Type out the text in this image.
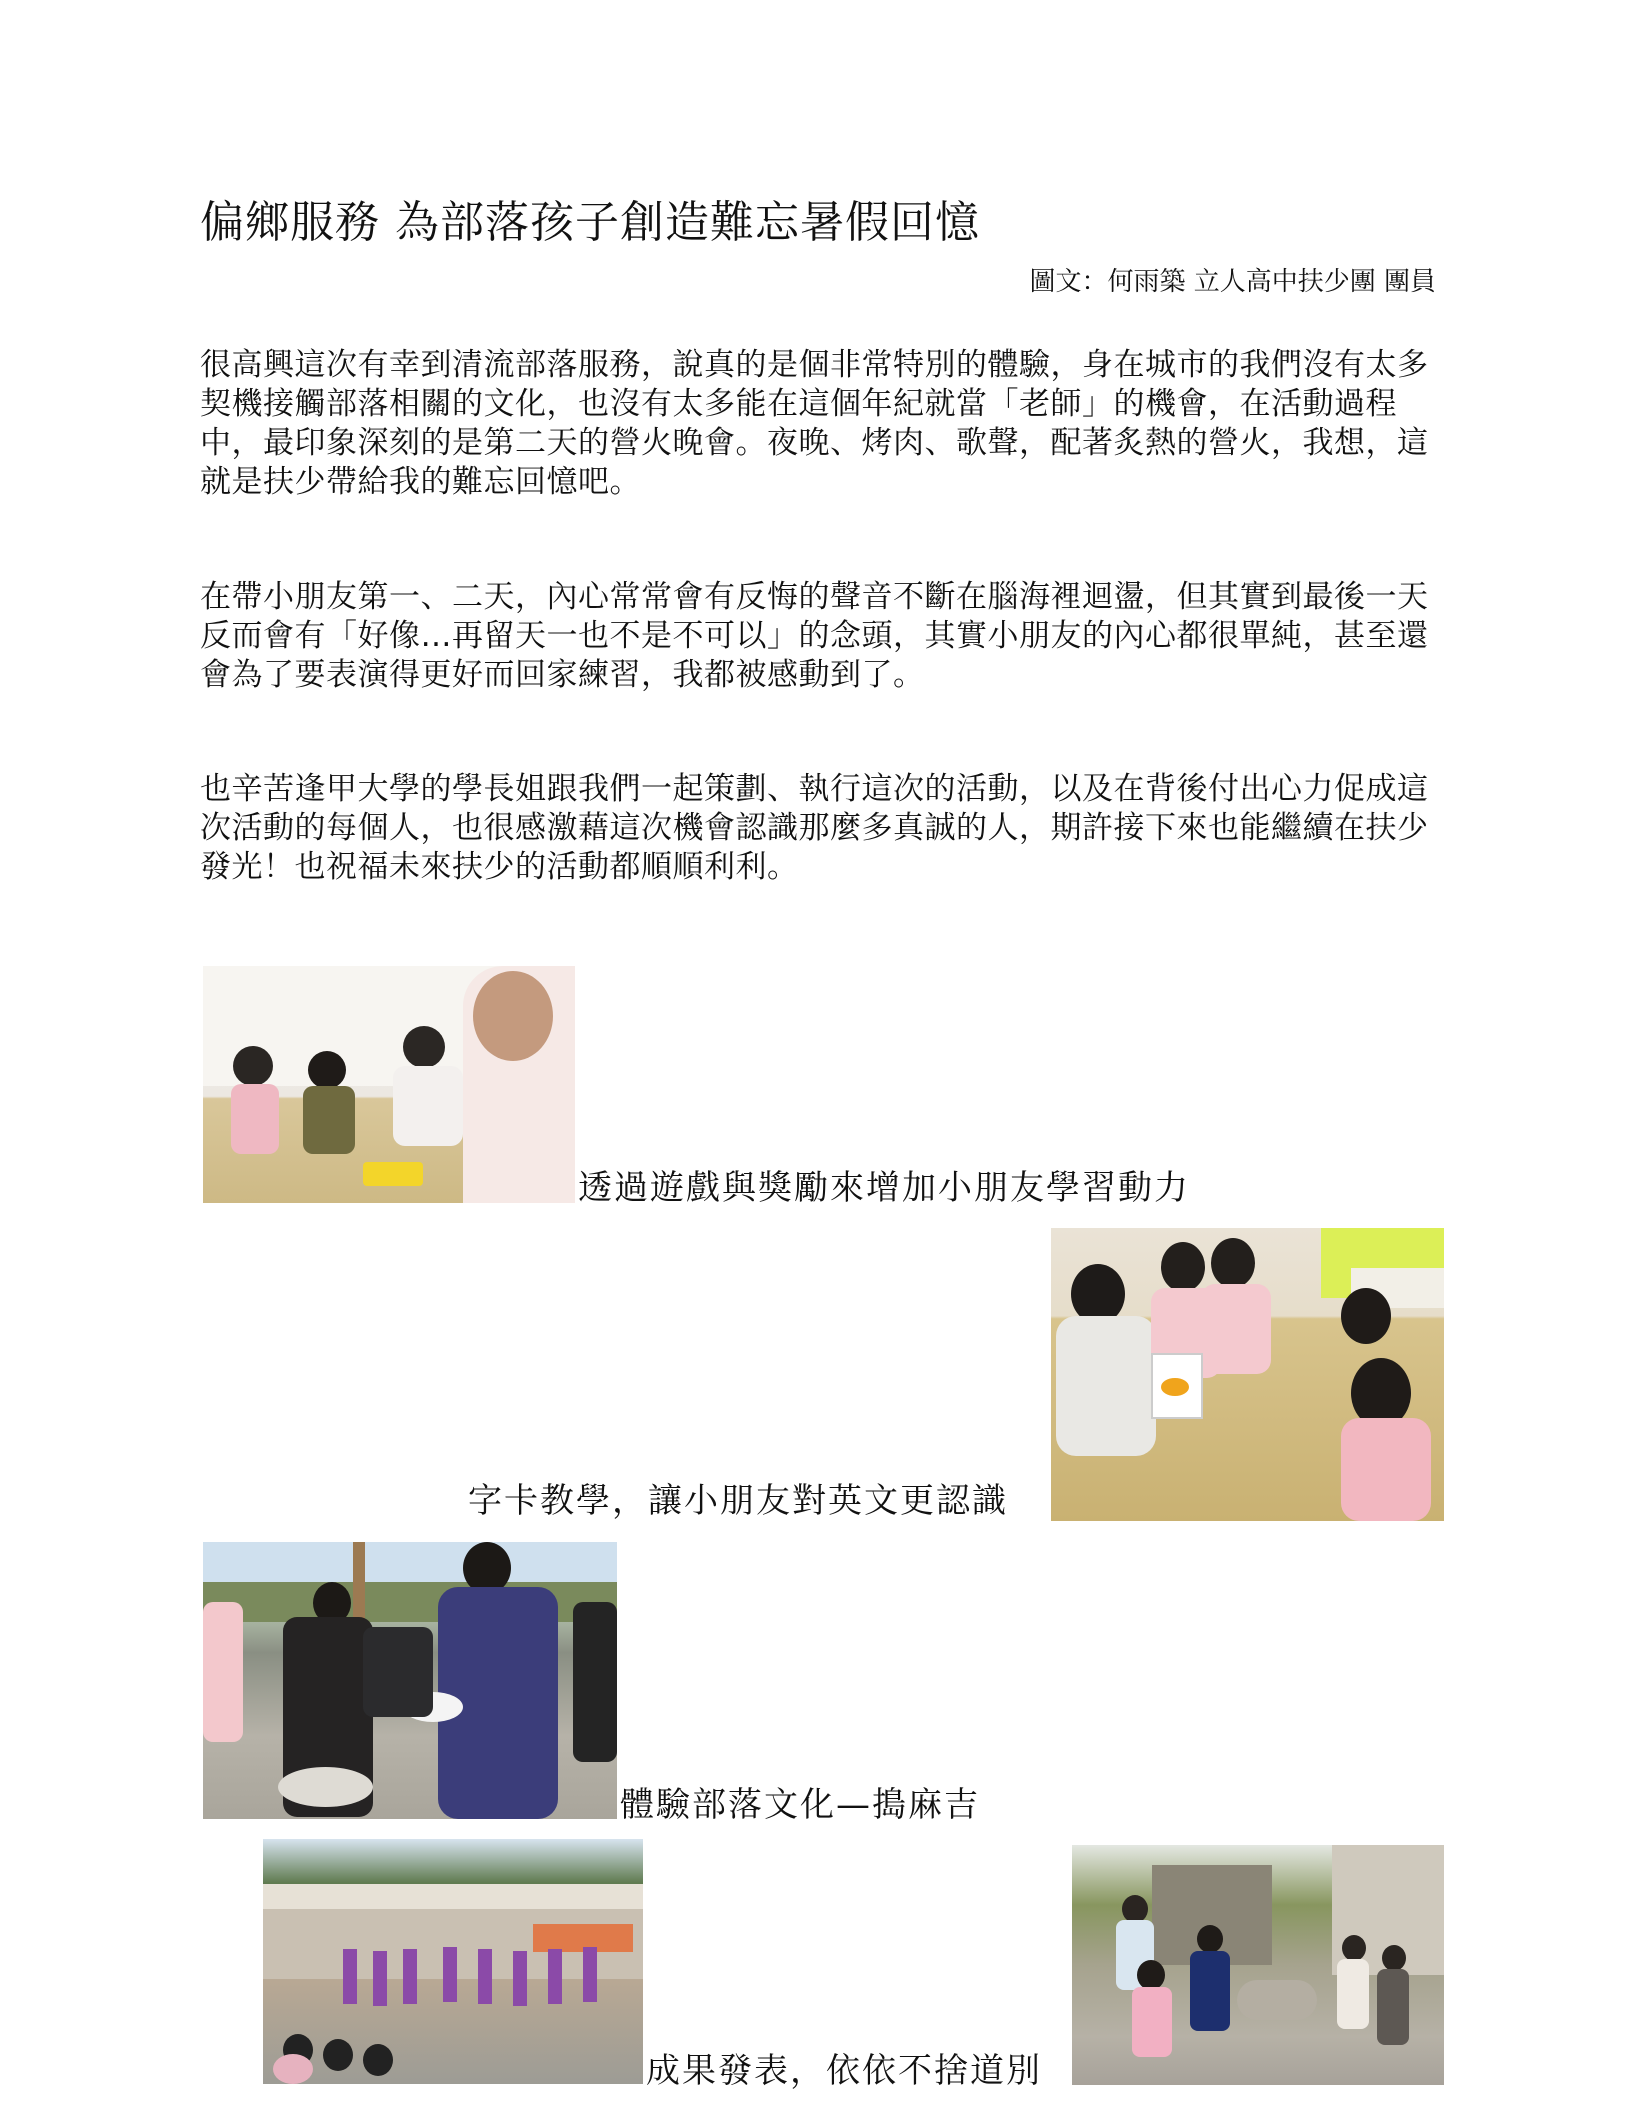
偏鄉服務 為部落孩子創造難忘暑假回憶
圖文：何雨築 立人高中扶少團 團員

很高興這次有幸到清流部落服務，說真的是個非常特別的體驗，身在城市的我們沒有太多契機接觸部落相關的文化，也沒有太多能在這個年紀就當「老師」的機會，在活動過程中，最印象深刻的是第二天的營火晚會。夜晚、烤肉、歌聲，配著炙熱的營火，我想，這就是扶少帶給我的難忘回憶吧。

在帶小朋友第一、二天，內心常常會有反悔的聲音不斷在腦海裡迴盪，但其實到最後一天反而會有「好像…再留天一也不是不可以」的念頭，其實小朋友的內心都很單純，甚至還會為了要表演得更好而回家練習，我都被感動到了。

也辛苦逢甲大學的學長姐跟我們一起策劃、執行這次的活動，以及在背後付出心力促成這次活動的每個人，也很感激藉這次機會認識那麼多真誠的人，期許接下來也能繼續在扶少發光！也祝福未來扶少的活動都順順利利。

透過遊戲與獎勵來增加小朋友學習動力
字卡教學，讓小朋友對英文更認識
體驗部落文化—搗麻吉
成果發表，依依不捨道別
